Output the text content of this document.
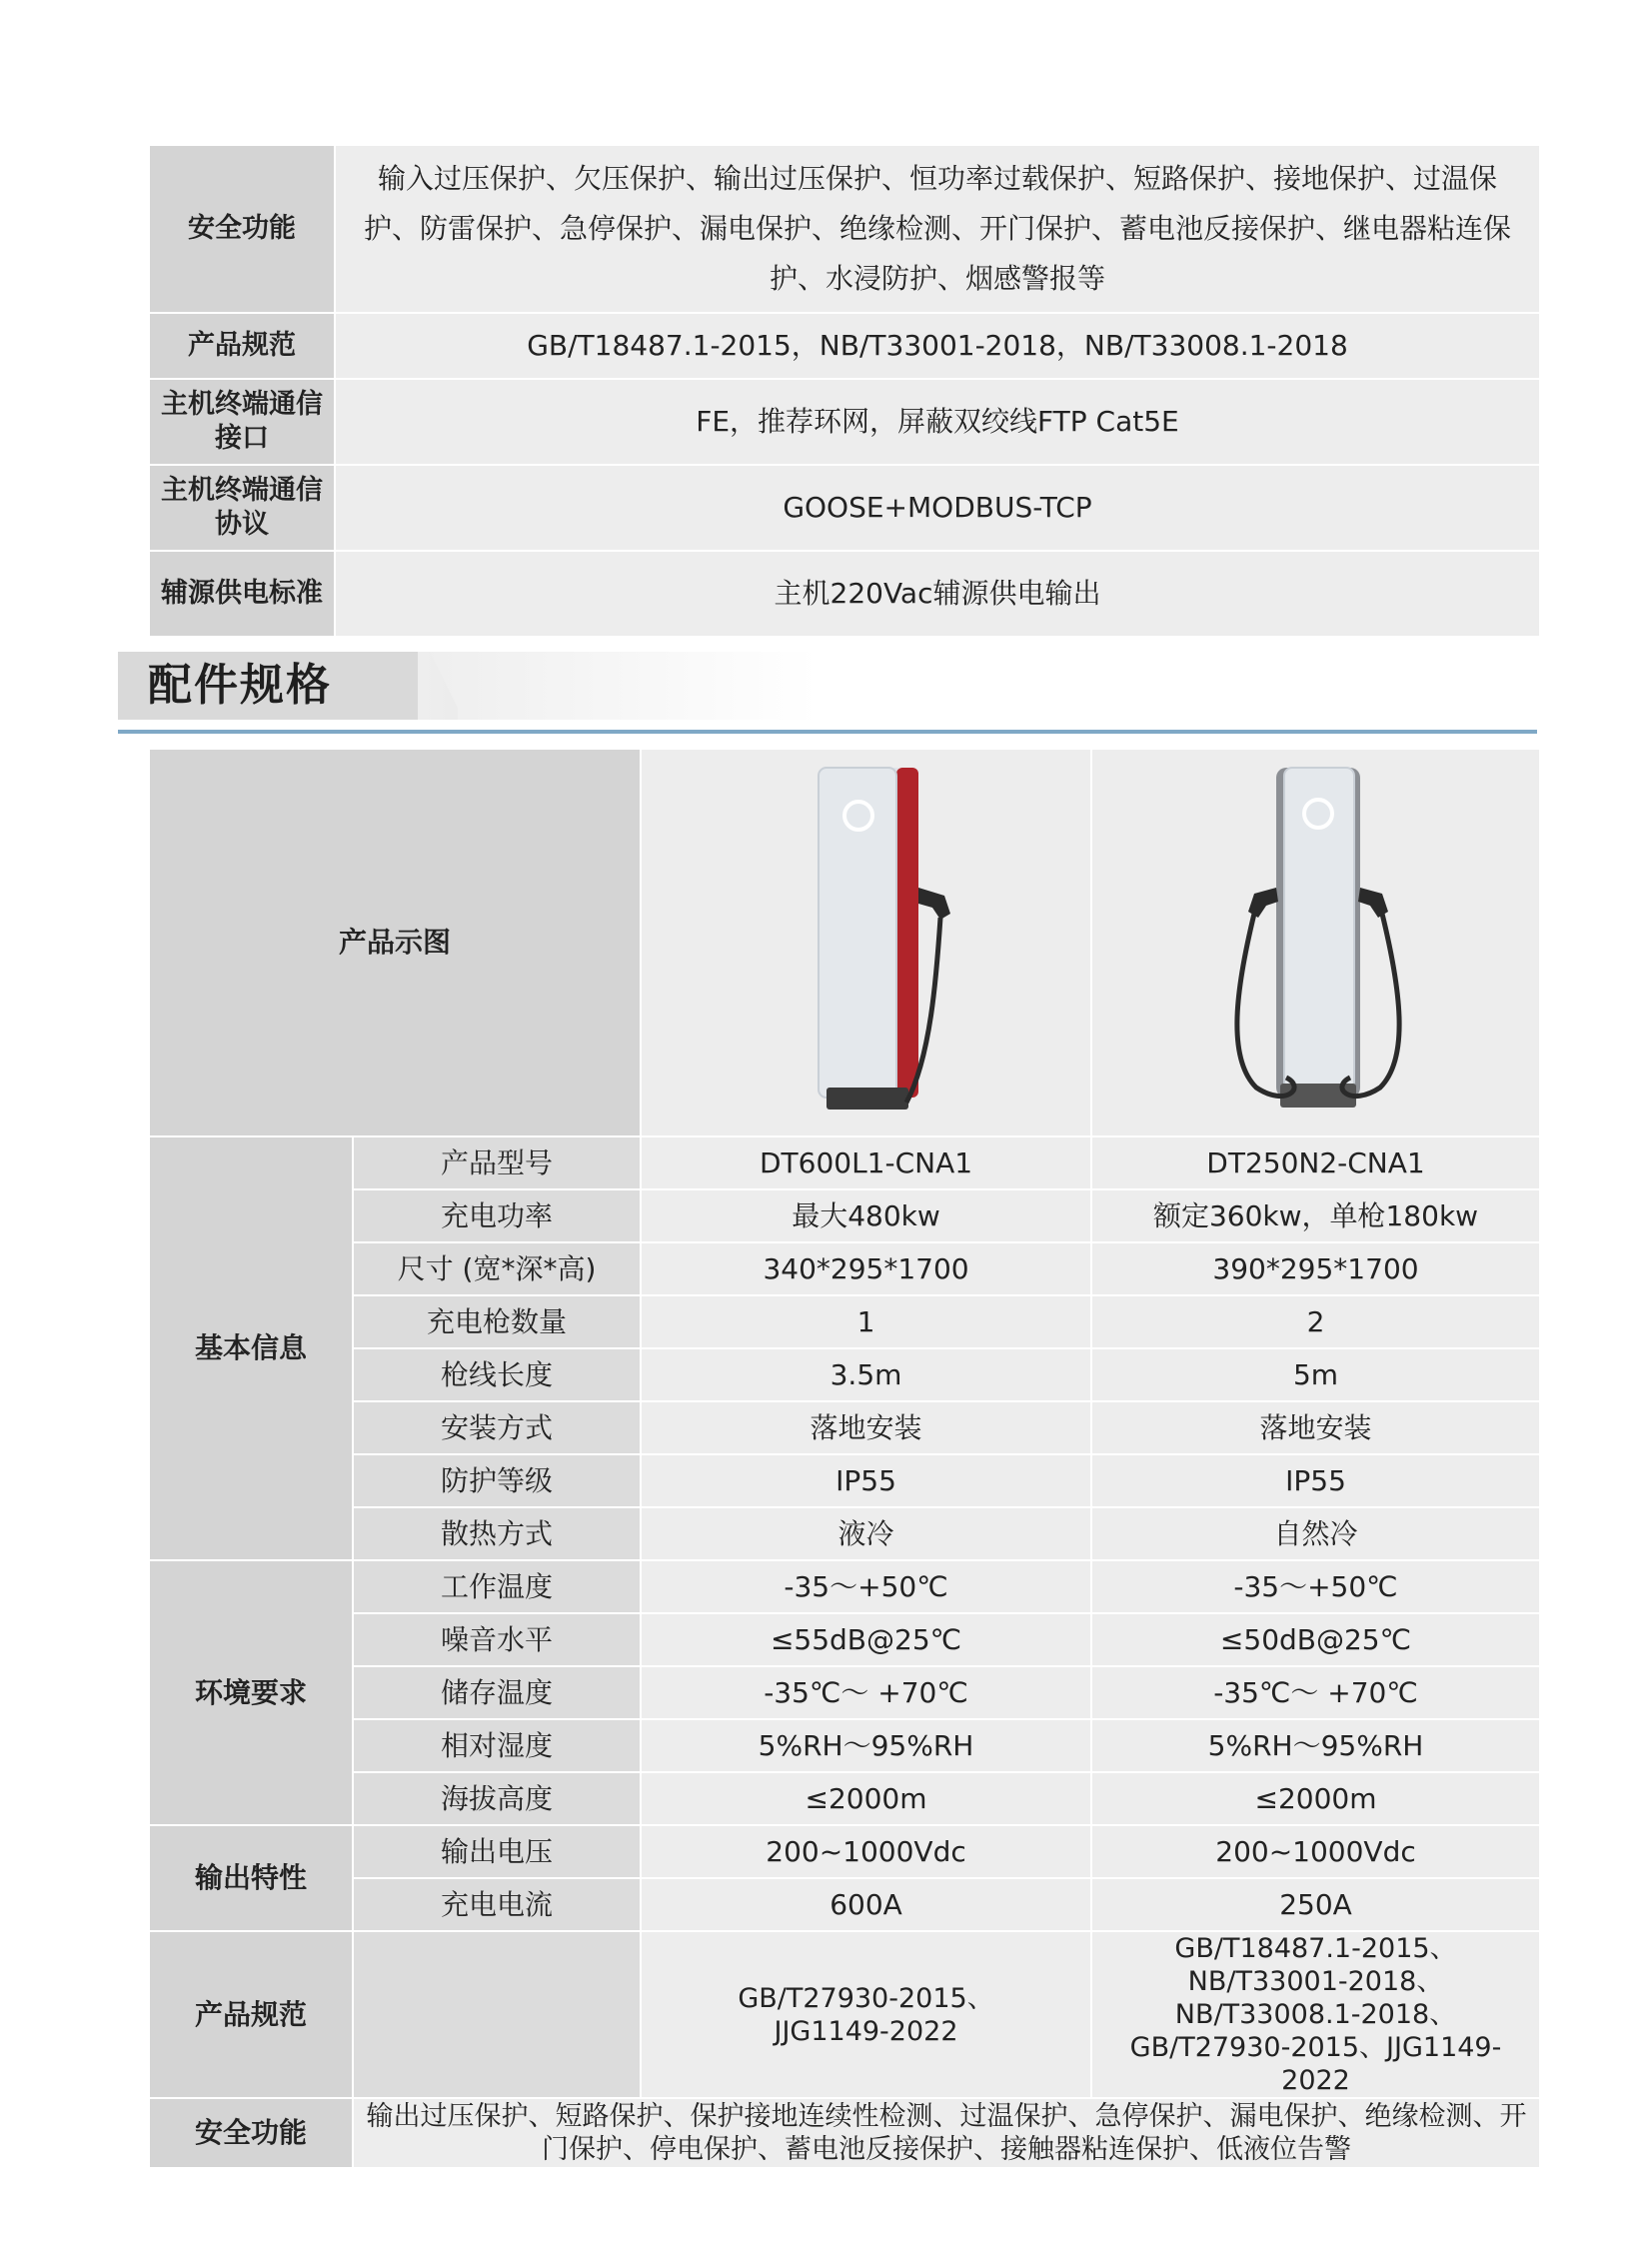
安全功能	输入过压保护、欠压保护、输出过压保护、恒功率过载保护、短路保护、接地保护、过温保护、防雷保护、急停保护、漏电保护、绝缘检测、开门保护、蓄电池反接保护、继电器粘连保护、水浸防护、烟感警报等
产品规范	GB/T18487.1-2015，NB/T33001-2018，NB/T33008.1-2018
主机终端通信接口	FE，推荐环网，屏蔽双绞线FTP Cat5E
主机终端通信协议	GOOSE+MODBUS-TCP
辅源供电标准	主机220Vac辅源供电输出
配件规格
产品示图	

基本信息	产品型号	DT600L1-CNA1	DT250N2-CNA1
	充电功率	最大480kw	额定360kw，单枪180kw
	尺寸 (宽*深*高)	340*295*1700	390*295*1700
	充电枪数量	1	2
	枪线长度	3.5m	5m
	安装方式	落地安装	落地安装
	防护等级	IP55	IP55
	散热方式	液冷	自然冷
环境要求	工作温度	-35～+50℃	-35～+50℃
	噪音水平	≤55dB@25℃	≤50dB@25℃
	储存温度	-35℃～ +70℃	-35℃～ +70℃
	相对湿度	5%RH～95%RH	5%RH～95%RH
	海拔高度	≤2000m	≤2000m
输出特性	输出电压	200~1000Vdc	200~1000Vdc
	充电电流	600A	250A
产品规范		GB/T27930-2015、JJG1149-2022	GB/T18487.1-2015、NB/T33001-2018、NB/T33008.1-2018、GB/T27930-2015、JJG1149-2022
安全功能	输出过压保护、短路保护、保护接地连续性检测、过温保护、急停保护、漏电保护、绝缘检测、开门保护、停电保护、蓄电池反接保护、接触器粘连保护、低液位告警		
